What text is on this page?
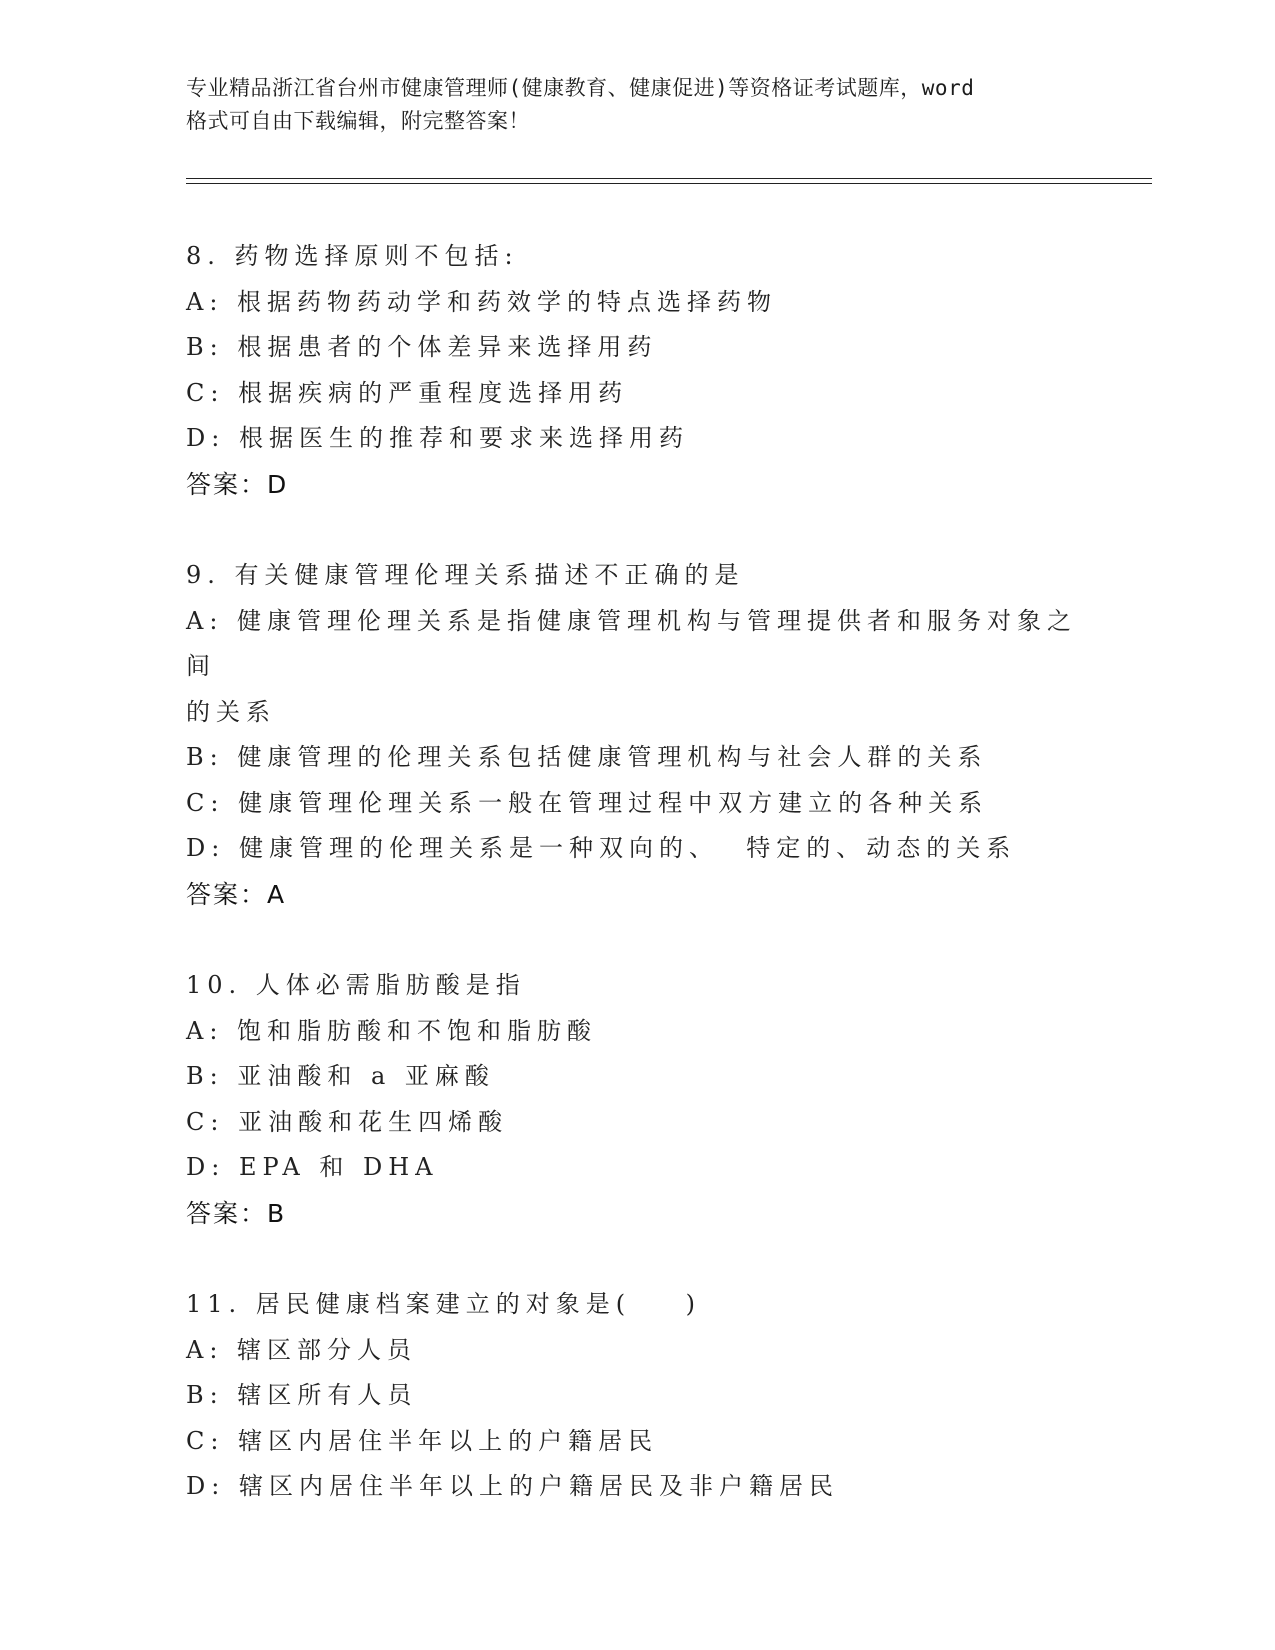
专业精品浙江省台州市健康管理师(健康教育、健康促进)等资格证考试题库，word
格式可自由下载编辑，附完整答案！
8. 药物选择原则不包括:
A: 根据药物药动学和药效学的特点选择药物
B: 根据患者的个体差异来选择用药
C: 根据疾病的严重程度选择用药
D: 根据医生的推荐和要求来选择用药
答案：D
9. 有关健康管理伦理关系描述不正确的是
A: 健康管理伦理关系是指健康管理机构与管理提供者和服务对象之间
的关系
B: 健康管理的伦理关系包括健康管理机构与社会人群的关系
C: 健康管理伦理关系一般在管理过程中双方建立的各种关系
D: 健康管理的伦理关系是一种双向的、  特定的、动态的关系
答案：A
10. 人体必需脂肪酸是指
A: 饱和脂肪酸和不饱和脂肪酸
B: 亚油酸和 a 亚麻酸
C: 亚油酸和花生四烯酸
D: EPA 和 DHA
答案：B
11. 居民健康档案建立的对象是(    )
A: 辖区部分人员
B: 辖区所有人员
C: 辖区内居住半年以上的户籍居民
D: 辖区内居住半年以上的户籍居民及非户籍居民
